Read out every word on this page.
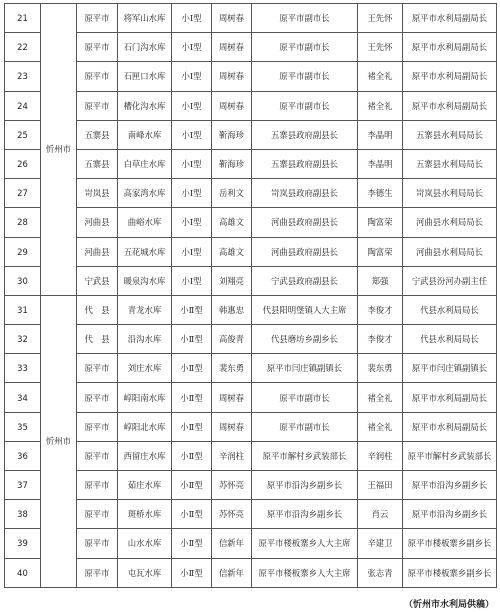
21	忻州市	原平市	将军山水库	小Ⅰ型	周树春	原平市副市长	王先怀	原平市水利局副局长
22		原平市	石门沟水库	小Ⅰ型	周树春	原平市副市长	王先怀	原平市水利局副局长
23		原平市	石匣口水库	小Ⅰ型	周树春	原平市副市长	褚全礼	原平市水利局副局长
24		原平市	槽化沟水库	小Ⅰ型	周树春	原平市副市长	褚全礼	原平市水利局副局长
25		五寨县	南峰水库	小Ⅰ型	靳海珍	五寨县政府副县长	李晶明	五寨县水利局局长
26		五寨县	白草庄水库	小Ⅰ型	靳海珍	五寨县政府副县长	李晶明	五寨县水利局局长
27		岢岚县	高家湾水库	小Ⅰ型	岳利文	岢岚县政府副县长	李德生	岢岚县水利局局长
28		河曲县	曲峪水库	小Ⅰ型	高雄文	河曲县政府副县长	陶富荣	河曲县水利局局长
29		河曲县	五花城水库	小Ⅰ型	高雄文	河曲县政府副县长	陶富荣	河曲县水利局局长
30		宁武县	暖泉沟水库	小Ⅰ型	刘翔亮	宁武县政府副县长	郑强	宁武县汾河办副主任
31	忻州市	代　县	青龙水库	小Ⅱ型	韩惠忠	代县阳明堡镇人大主席	李俊才	代县水利局局长
32		代　县	沿沟水库	小Ⅱ型	高俊青	代县磨坊乡副乡长	李俊才	代县水利局局长
33		原平市	刘庄水库	小Ⅱ型	裴东勇	原平市闫庄镇副镇长	裴东勇	原平市闫庄镇副镇长
34		原平市	崞阳南水库	小Ⅱ型	周树春	原平市副市长	褚全礼	原平市水利局副局长
35		原平市	崞阳北水库	小Ⅱ型	周树春	原平市副市长	褚全礼	原平市水利局副局长
36		原平市	西留庄水库	小Ⅱ型	辛润柱	原平市解村乡武装部长	辛润柱	原平市解村乡武装部长
37		原平市	茹庄水库	小Ⅱ型	苏怀亮	原平市沿沟乡副乡长	王福田	原平市沿沟乡副乡长
38		原平市	斑桥水库	小Ⅱ型	苏怀亮	原平市沿沟乡副乡长	肖云	原平市沿沟乡副乡长
39		原平市	山水水库	小Ⅱ型	信新年	原平市楼板寨乡人大主席	辛建卫	原平市楼板寨乡副乡长
40		原平市	屯瓦水库	小Ⅱ型	信新年	原平市楼板寨乡人大主席	张志青	原平市楼板寨乡副乡长
（忻州市水利局供稿）
